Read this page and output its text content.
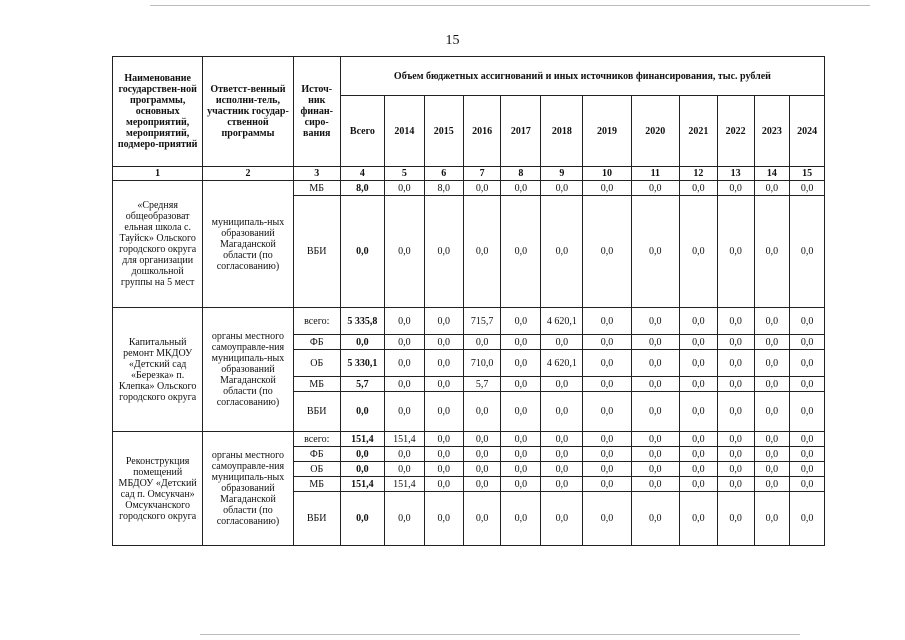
15
Наименование государствен-ной программы, основных мероприятий, мероприятий, подмеро-приятий	Ответст-венный исполни-тель, участник государ-ственной программы	Источ-ник финан-сиро-вания	Объем бюджетных ассигнований и иных источников финансирования, тыс. рублей											
			Всего	2014	2015	2016	2017	2018	2019	2020	2021	2022	2023	2024
1	2	3	4	5	6	7	8	9	10	11	12	13	14	15
«Средняя общеобразоват ельная школа с. Тауйск» Ольского городского округа для организации дошкольной группы на 5 мест	муниципаль-ных образований Магаданской области (по согласованию)	МБ	8,0	0,0	8,0	0,0	0,0	0,0	0,0	0,0	0,0	0,0	0,0	0,0
		ВБИ	0,0	0,0	0,0	0,0	0,0	0,0	0,0	0,0	0,0	0,0	0,0	0,0
Капитальный ремонт МКДОУ «Детский сад «Березка» п. Клепка» Ольского городского округа	органы местного самоуправле-ния муниципаль-ных образований Магаданской области (по согласованию)	всего:	5 335,8	0,0	0,0	715,7	0,0	4 620,1	0,0	0,0	0,0	0,0	0,0	0,0
		ФБ	0,0	0,0	0,0	0,0	0,0	0,0	0,0	0,0	0,0	0,0	0,0	0,0
		ОБ	5 330,1	0,0	0,0	710,0	0,0	4 620,1	0,0	0,0	0,0	0,0	0,0	0,0
		МБ	5,7	0,0	0,0	5,7	0,0	0,0	0,0	0,0	0,0	0,0	0,0	0,0
		ВБИ	0,0	0,0	0,0	0,0	0,0	0,0	0,0	0,0	0,0	0,0	0,0	0,0
Реконструкция помещений МБДОУ «Детский сад п. Омсукчан» Омсукчанского городского округа	органы местного самоуправле-ния муниципаль-ных образований Магаданской области (по согласованию)	всего:	151,4	151,4	0,0	0,0	0,0	0,0	0,0	0,0	0,0	0,0	0,0	0,0
		ФБ	0,0	0,0	0,0	0,0	0,0	0,0	0,0	0,0	0,0	0,0	0,0	0,0
		ОБ	0,0	0,0	0,0	0,0	0,0	0,0	0,0	0,0	0,0	0,0	0,0	0,0
		МБ	151,4	151,4	0,0	0,0	0,0	0,0	0,0	0,0	0,0	0,0	0,0	0,0
		ВБИ	0,0	0,0	0,0	0,0	0,0	0,0	0,0	0,0	0,0	0,0	0,0	0,0
